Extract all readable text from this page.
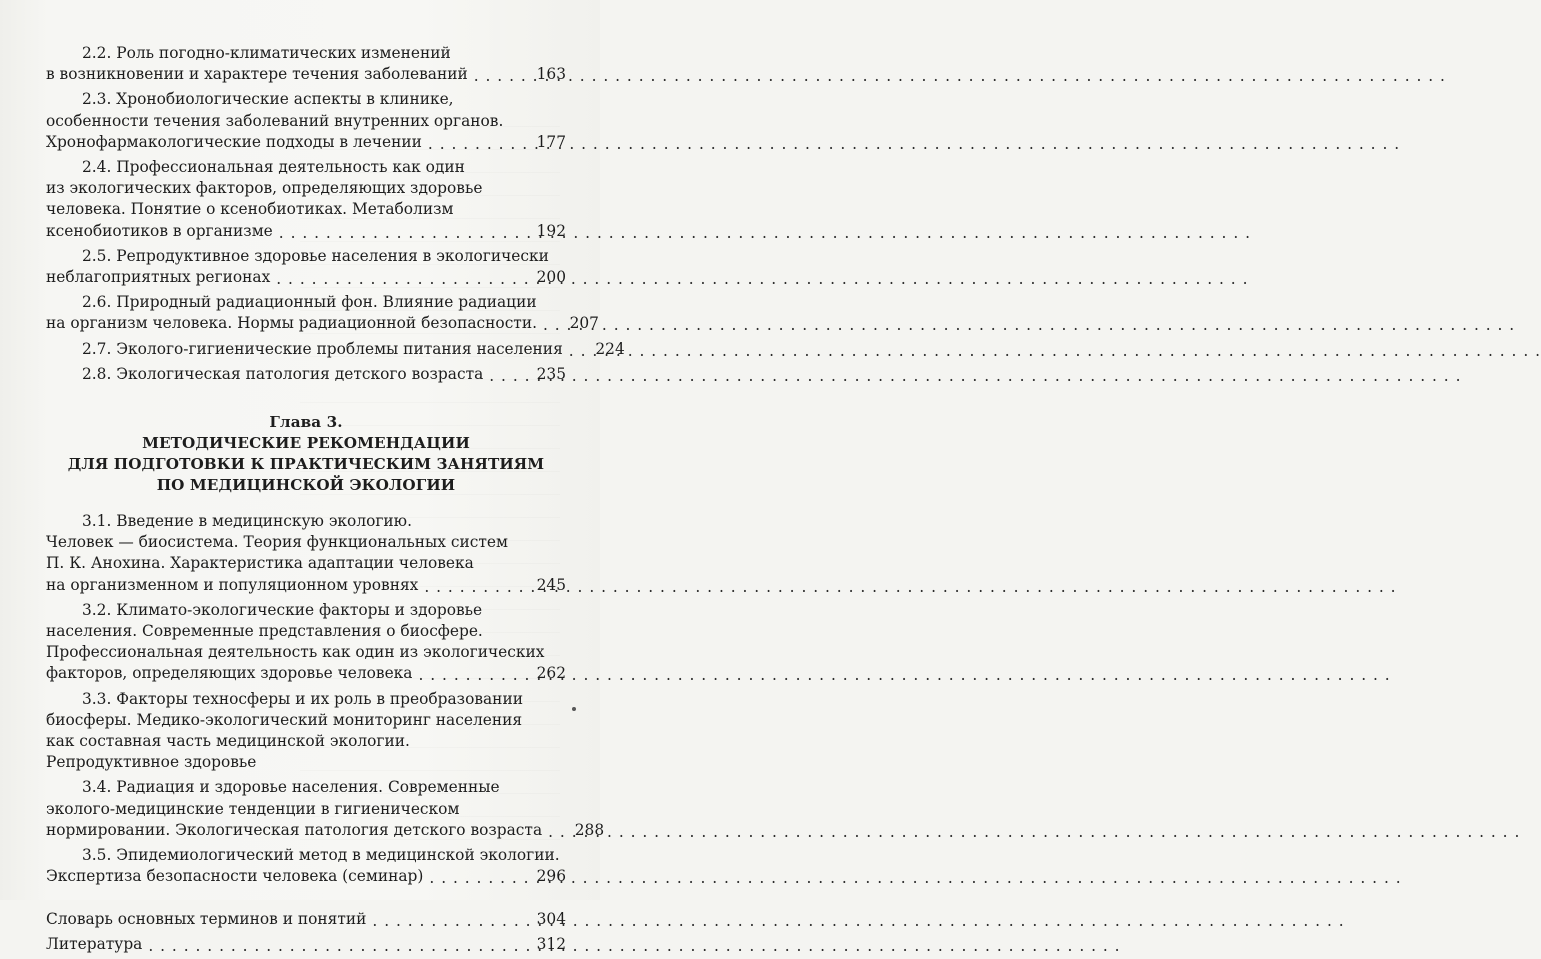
2.2. Роль погодно-климатических изменений
в возникновении и характере течения заболеваний . . .	163
2.3. Хронобиологические аспекты в клинике,
особенности течения заболеваний внутренних органов.
Хронофармакологические подходы в лечении . . .	177
2.4. Профессиональная деятельность как один
из экологических факторов, определяющих здоровье
человека. Понятие о ксенобиотиках. Метаболизм
ксенобиотиков в организме . . .	192
2.5. Репродуктивное здоровье населения в экологически
неблагоприятных регионах . . .	200
2.6. Природный радиационный фон. Влияние радиации
на организм человека. Нормы радиационной безопасности. . . . 207
2.7. Эколого-гигиенические проблемы питания населения . . . 224
2.8. Экологическая патология детского возраста . . .	235
Глава 3.
МЕТОДИЧЕСКИЕ РЕКОМЕНДАЦИИ
ДЛЯ ПОДГОТОВКИ К ПРАКТИЧЕСКИМ ЗАНЯТИЯМ
ПО МЕДИЦИНСКОЙ ЭКОЛОГИИ
3.1. Введение в медицинскую экологию.
Человек — биосистема. Теория функциональных систем
П. К. Анохина. Характеристика адаптации человека
на организменном и популяционном уровнях . . .	245
3.2. Климато-экологические факторы и здоровье
населения. Современные представления о биосфере.
Профессиональная деятельность как один из экологических
факторов, определяющих здоровье человека . . .	262
3.3. Факторы техносферы и их роль в преобразовании
биосферы. Медико-экологический мониторинг населения
как составная часть медицинской экологии.
Репродуктивное здоровье
3.4. Радиация и здоровье населения. Современные
эколого-медицинские тенденции в гигиеническом
нормировании. Экологическая патология детского возраста . . . 288
3.5. Эпидемиологический метод в медицинской экологии.
Экспертиза безопасности человека (семинар) . . .	296
Словарь основных терминов и понятий . . .	304
Литература . . .	312
